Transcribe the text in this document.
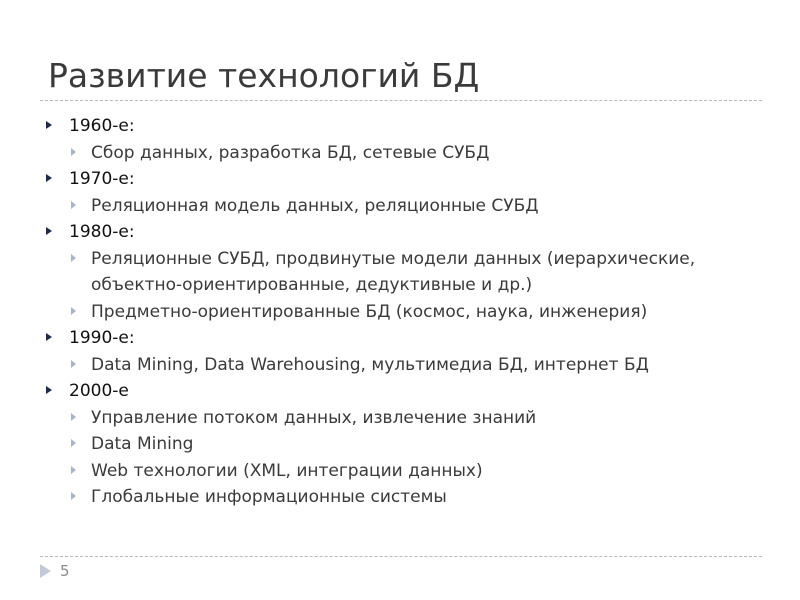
Развитие технологий БД
1960-е:
Сбор данных, разработка БД, сетевые СУБД
1970-е:
Реляционная модель данных, реляционные СУБД
1980-е:
Реляционные СУБД, продвинутые модели данных (иерархические, объектно-ориентированные, дедуктивные и др.)
Предметно-ориентированные БД (космос, наука, инженерия)
1990-е:
Data Mining, Data Warehousing, мультимедиа БД, интернет БД
2000-е
Управление потоком данных, извлечение знаний
Data Mining
Web технологии (XML, интеграции данных)
Глобальные информационные системы
5
